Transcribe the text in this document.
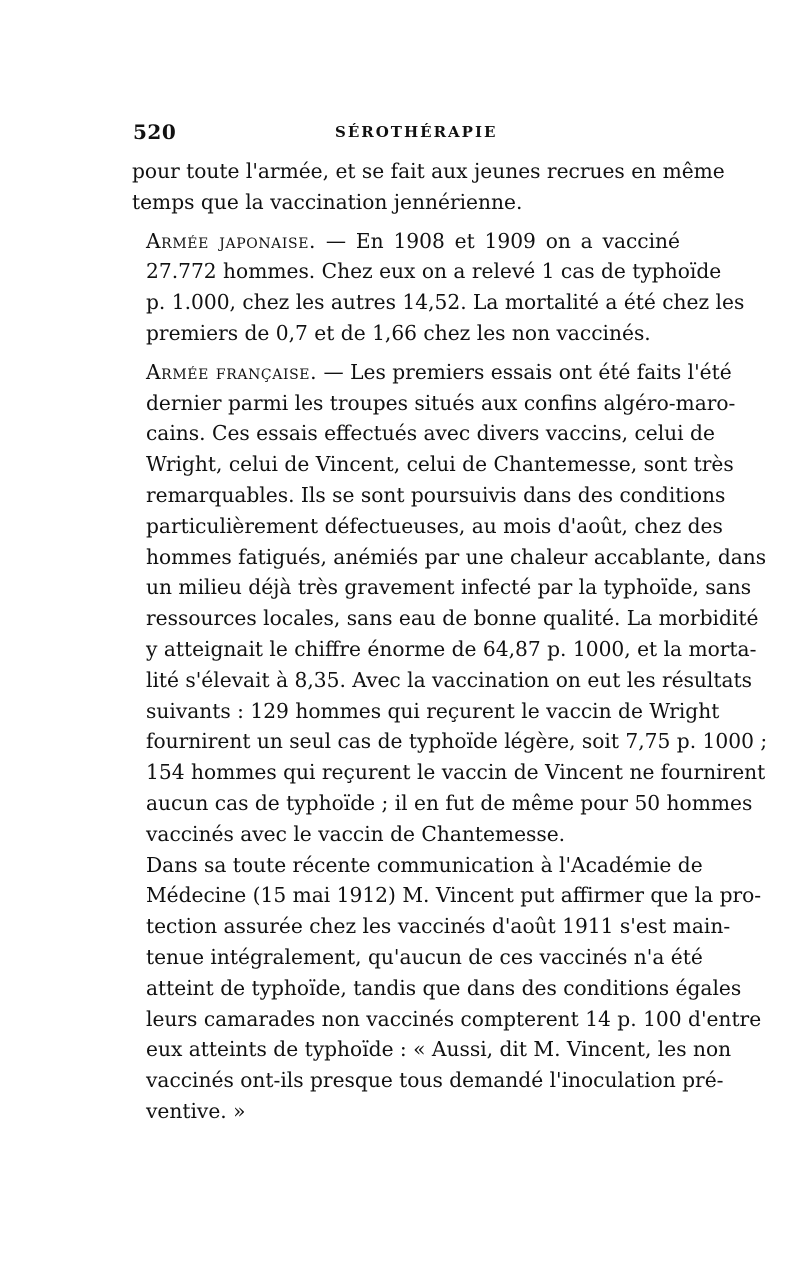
520	SÉROTHÉRAPIE
pour toute l'armée, et se fait aux jeunes recrues en même
temps que la vaccination jennérienne.
Armée japonaise. — En 1908 et 1909 on a vacciné
27.772 hommes. Chez eux on a relevé 1 cas de typhoïde
p. 1.000, chez les autres 14,52. La mortalité a été chez les
premiers de 0,7 et de 1,66 chez les non vaccinés.
Armée française. — Les premiers essais ont été faits l'été
dernier parmi les troupes situés aux confins algéro-maro-
cains. Ces essais effectués avec divers vaccins, celui de
Wright, celui de Vincent, celui de Chantemesse, sont très
remarquables. Ils se sont poursuivis dans des conditions
particulièrement défectueuses, au mois d'août, chez des
hommes fatigués, anémiés par une chaleur accablante, dans
un milieu déjà très gravement infecté par la typhoïde, sans
ressources locales, sans eau de bonne qualité. La morbidité
y atteignait le chiffre énorme de 64,87 p. 1000, et la morta-
lité s'élevait à 8,35. Avec la vaccination on eut les résultats
suivants : 129 hommes qui reçurent le vaccin de Wright
fournirent un seul cas de typhoïde légère, soit 7,75 p. 1000 ;
154 hommes qui reçurent le vaccin de Vincent ne fournirent
aucun cas de typhoïde ; il en fut de même pour 50 hommes
vaccinés avec le vaccin de Chantemesse.
Dans sa toute récente communication à l'Académie de
Médecine (15 mai 1912) M. Vincent put affirmer que la pro-
tection assurée chez les vaccinés d'août 1911 s'est main-
tenue intégralement, qu'aucun de ces vaccinés n'a été
atteint de typhoïde, tandis que dans des conditions égales
leurs camarades non vaccinés compterent 14 p. 100 d'entre
eux atteints de typhoïde : « Aussi, dit M. Vincent, les non
vaccinés ont-ils presque tous demandé l'inoculation pré-
ventive. »
